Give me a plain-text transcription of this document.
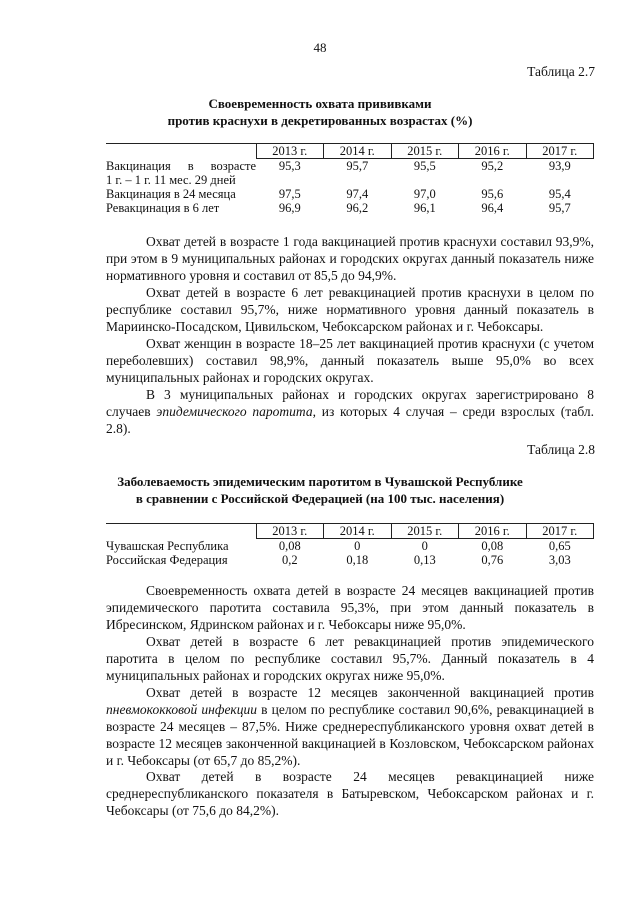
48
Таблица 2.7
Своевременность охвата прививками
против краснухи в декретированных возрастах (%)
	2013 г.	2014 г.	2015 г.	2016 г.	2017 г.

Вакцинация в возрасте
1 г. – 1 г. 11 мес. 29 дней	95,3	95,7	95,5	95,2	93,9
Вакцинация в 24 месяца	97,5	97,4	97,0	95,6	95,4
Ревакцинация в 6 лет	96,9	96,2	96,1	96,4	95,7

Охват детей в возрасте 1 года вакцинацией против краснухи составил 93,9%, при этом в 9 муниципальных районах и городских округах данный показатель ниже нормативного уровня и составил от 85,5 до 94,9%.

Охват детей в возрасте 6 лет ревакцинацией против краснухи в целом по республике составил 95,7%, ниже нормативного уровня данный показатель в Мариинско-Посадском, Цивильском, Чебоксарском районах и г. Чебоксары.

Охват женщин в возрасте 18–25 лет вакцинацией против краснухи (с учетом переболевших) составил 98,9%, данный показатель выше 95,0% во всех муниципальных районах и городских округах.

В 3 муниципальных районах и городских округах зарегистрировано 8 случаев эпидемического паротита, из которых 4 случая – среди взрослых (табл. 2.8).

Таблица 2.8
Заболеваемость эпидемическим паротитом в Чувашской Республике
в сравнении с Российской Федерацией (на 100 тыс. населения)
	2013 г.	2014 г.	2015 г.	2016 г.	2017 г.
Чувашская Республика	0,08	0	0	0,08	0,65
Российская Федерация	0,2	0,18	0,13	0,76	3,03

Своевременность охвата детей в возрасте 24 месяцев вакцинацией против эпидемического паротита составила 95,3%, при этом данный показатель в Ибресинском, Ядринском районах и г. Чебоксары ниже 95,0%.

Охват детей в возрасте 6 лет ревакцинацией против эпидемического паротита в целом по республике составил 95,7%. Данный показатель в 4 муниципальных районах и городских округах ниже 95,0%.

Охват детей в возрасте 12 месяцев законченной вакцинацией против пневмококковой инфекции в целом по республике составил 90,6%, ревакцинацией в возрасте 24 месяцев – 87,5%. Ниже среднереспубликанского уровня охват детей в возрасте 12 месяцев законченной вакцинацией в Козловском, Чебоксарском районах и г. Чебоксары (от 65,7 до 85,2%).

Охват детей в возрасте 24 месяцев ревакцинацией ниже среднереспубликанского показателя в Батыревском, Чебоксарском районах и г. Чебоксары (от 75,6 до 84,2%).
